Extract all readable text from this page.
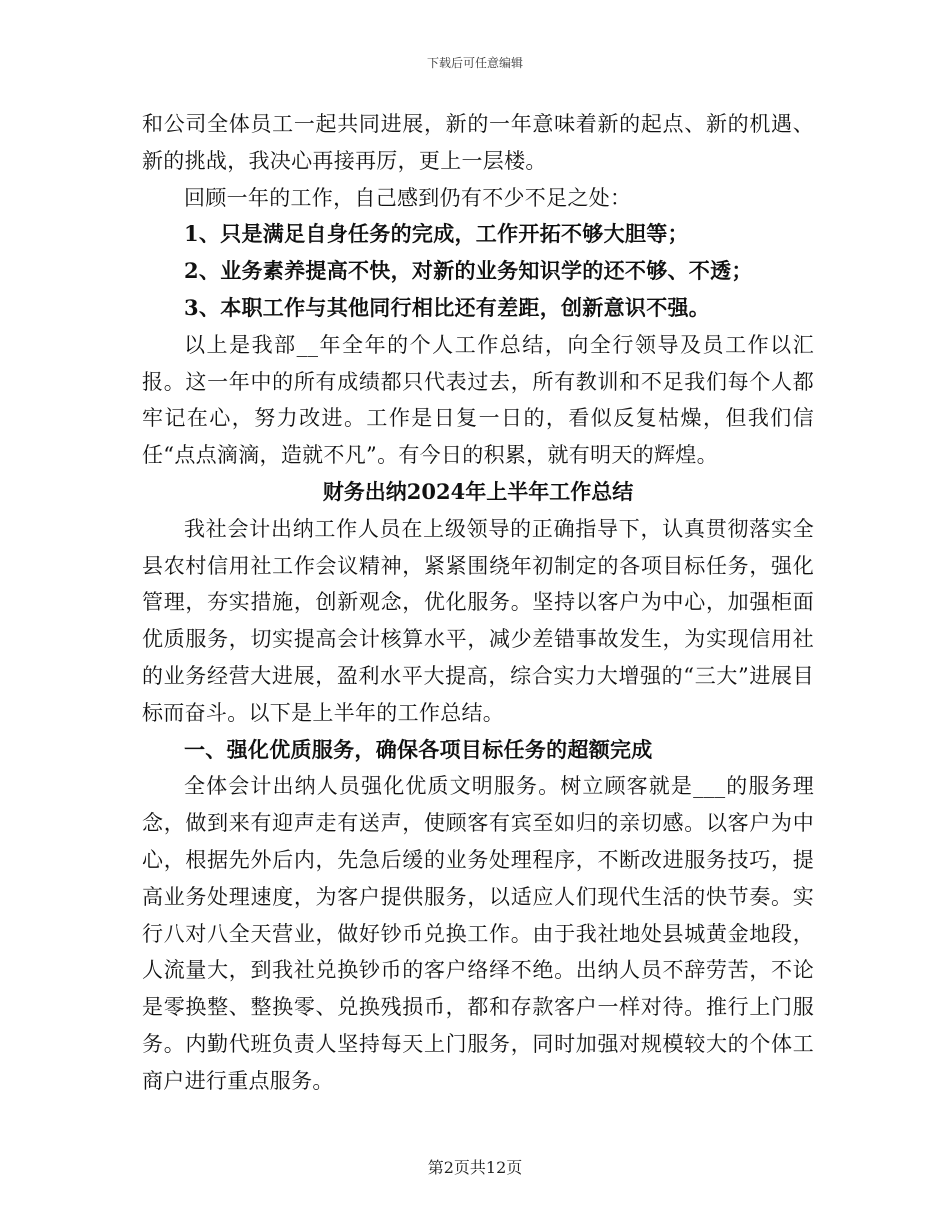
下载后可任意编辑

和公司全体员工一起共同进展，新的一年意味着新的起点、新的机遇、新的挑战，我决心再接再厉，更上一层楼。

回顾一年的工作，自己感到仍有不少不足之处：

1、只是满足自身任务的完成，工作开拓不够大胆等；

2、业务素养提高不快，对新的业务知识学的还不够、不透；

3、本职工作与其他同行相比还有差距，创新意识不强。

以上是我部__年全年的个人工作总结，向全行领导及员工作以汇报。这一年中的所有成绩都只代表过去，所有教训和不足我们每个人都牢记在心，努力改进。工作是日复一日的，看似反复枯燥，但我们信任“点点滴滴，造就不凡”。有今日的积累，就有明天的辉煌。

财务出纳2024年上半年工作总结

我社会计出纳工作人员在上级领导的正确指导下，认真贯彻落实全县农村信用社工作会议精神，紧紧围绕年初制定的各项目标任务，强化管理，夯实措施，创新观念，优化服务。坚持以客户为中心，加强柜面优质服务，切实提高会计核算水平，减少差错事故发生，为实现信用社的业务经营大进展，盈利水平大提高，综合实力大增强的“三大”进展目标而奋斗。以下是上半年的工作总结。

一、强化优质服务，确保各项目标任务的超额完成

全体会计出纳人员强化优质文明服务。树立顾客就是___的服务理念，做到来有迎声走有送声，使顾客有宾至如归的亲切感。以客户为中心，根据先外后内，先急后缓的业务处理程序，不断改进服务技巧，提高业务处理速度，为客户提供服务，以适应人们现代生活的快节奏。实行八对八全天营业，做好钞币兑换工作。由于我社地处县城黄金地段，人流量大，到我社兑换钞币的客户络绎不绝。出纳人员不辞劳苦，不论是零换整、整换零、兑换残损币，都和存款客户一样对待。推行上门服务。内勤代班负责人坚持每天上门服务，同时加强对规模较大的个体工商户进行重点服务。

第2页共12页
